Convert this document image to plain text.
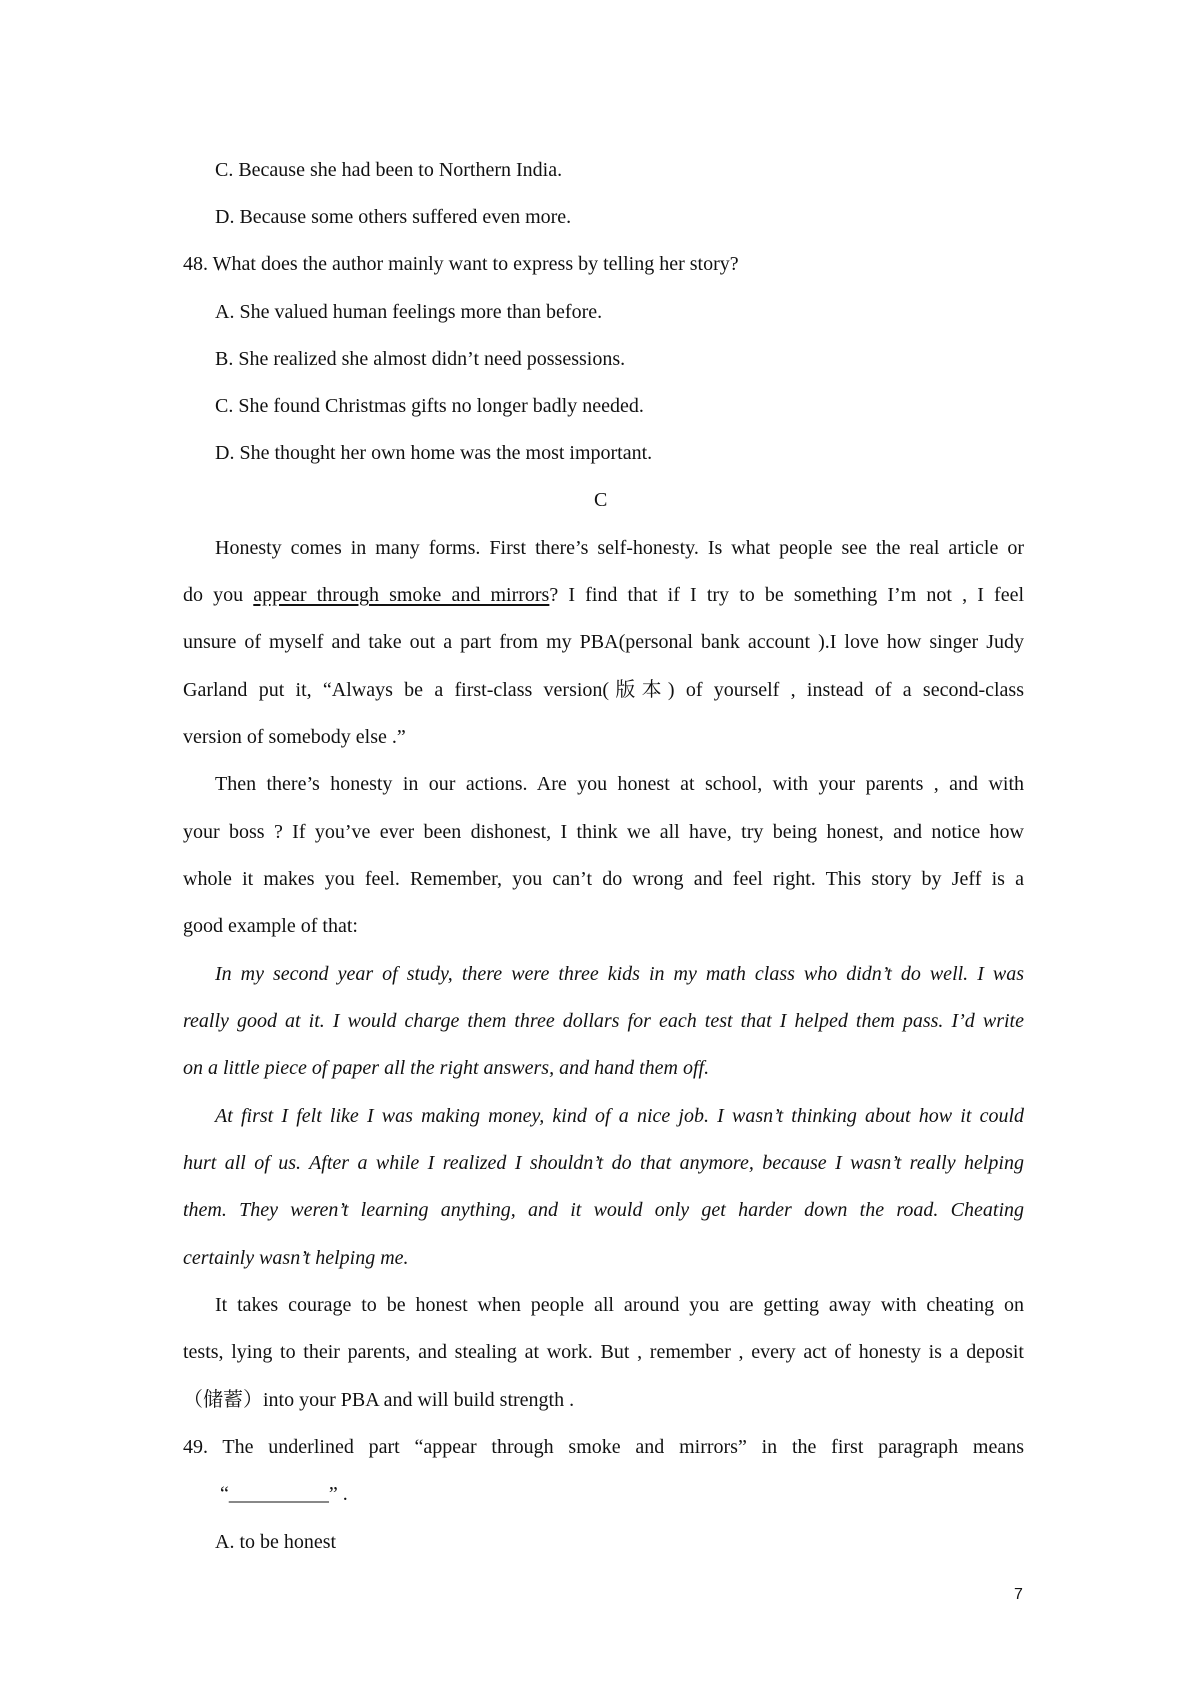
C. Because she had been to Northern India.
D. Because some others suffered even more.
48. What does the author mainly want to express by telling her story?
A. She valued human feelings more than before.
B. She realized she almost didn’t need possessions.
C. She found Christmas gifts no longer badly needed.
D. She thought her own home was the most important.
C
Honesty comes in many forms. First there’s self-honesty. Is what people see the real article or
do you appear through smoke and mirrors? I find that if I try to be something I’m not , I feel
unsure of myself and take out a part from my PBA(personal bank account ).I love how singer Judy
Garland put it, “Always be a first-class version(版本) of yourself , instead of a second-class
version of somebody else .”
Then there’s honesty in our actions. Are you honest at school, with your parents , and with
your boss ? If you’ve ever been dishonest, I think we all have, try being honest, and notice how
whole it makes you feel. Remember, you can’t do wrong and feel right. This story by Jeff is a
good example of that:
In my second year of study, there were three kids in my math class who didn’t do well. I was
really good at it. I would charge them three dollars for each test that I helped them pass. I’d write
on a little piece of paper all the right answers, and hand them off.
At first I felt like I was making money, kind of a nice job. I wasn’t thinking about how it could
hurt all of us. After a while I realized I shouldn’t do that anymore, because I wasn’t really helping
them. They weren’t learning anything, and it would only get harder down the road. Cheating
certainly wasn’t helping me.
It takes courage to be honest when people all around you are getting away with cheating on
tests, lying to their parents, and stealing at work. But , remember , every act of honesty is a deposit
（储蓄）into your PBA and will build strength .
49. The underlined part “appear through smoke and mirrors” in the first paragraph means
“__________” .
A. to be honest
7
